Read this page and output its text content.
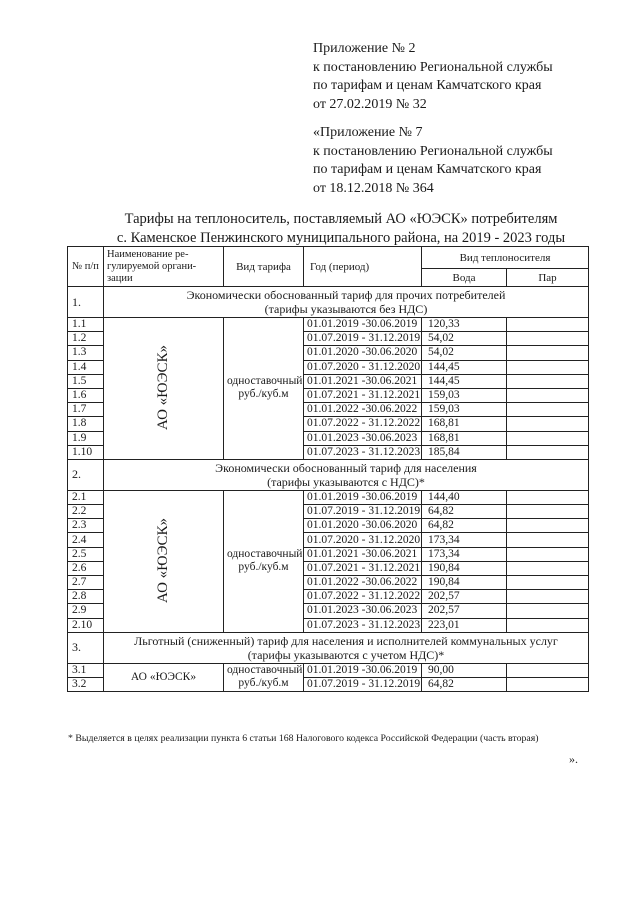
Приложение № 2
к постановлению Региональной службы
по тарифам и ценам Камчатского края
от 27.02.2019 № 32
«Приложение № 7
к постановлению Региональной службы
по тарифам и ценам Камчатского края
от 18.12.2018 № 364
Тарифы на теплоноситель, поставляемый АО «ЮЭСК» потребителям
с. Каменское Пенжинского муниципального района, на 2019 - 2023 годы
№ п/п	Наименование ре-
гулируемой органи-
зации	Вид тарифа	Год (период)	Вид теплоносителя	
				Вода	Пар
1.	Экономически обоснованный тариф для прочих потребителей
(тарифы указываются без НДС)				

1.1	АО «ЮЭСК»	одноставочный руб./куб.м	01.01.2019 -30.06.2019	120,33	
1.2			01.07.2019 - 31.12.2019	54,02	
1.3			01.01.2020 -30.06.2020	54,02	
1.4			01.07.2020 - 31.12.2020	144,45	
1.5			01.01.2021 -30.06.2021	144,45	
1.6			01.07.2021 - 31.12.2021	159,03	
1.7			01.01.2022 -30.06.2022	159,03	
1.8			01.07.2022 - 31.12.2022	168,81	
1.9			01.01.2023 -30.06.2023	168,81	
1.10			01.07.2023 - 31.12.2023	185,84	
2.	Экономически обоснованный тариф для населения
(тарифы указываются с НДС)*				

2.1	АО «ЮЭСК»	одноставочный руб./куб.м	01.01.2019 -30.06.2019	144,40	
2.2			01.07.2019 - 31.12.2019	64,82	
2.3			01.01.2020 -30.06.2020	64,82	
2.4			01.07.2020 - 31.12.2020	173,34	
2.5			01.01.2021 -30.06.2021	173,34	
2.6			01.07.2021 - 31.12.2021	190,84	
2.7			01.01.2022 -30.06.2022	190,84	
2.8			01.07.2022 - 31.12.2022	202,57	
2.9			01.01.2023 -30.06.2023	202,57	
2.10			01.07.2023 - 31.12.2023	223,01	
3.	Льготный (сниженный) тариф для населения и исполнителей коммунальных услуг
(тарифы указываются с учетом НДС)*				

3.1	АО «ЮЭСК»	одноставочный руб./куб.м	01.01.2019 -30.06.2019	90,00	
3.2			01.07.2019 - 31.12.2019	64,82	
* Выделяется в целях реализации пункта 6 статьи 168 Налогового кодекса Российской Федерации (часть вторая)
».
